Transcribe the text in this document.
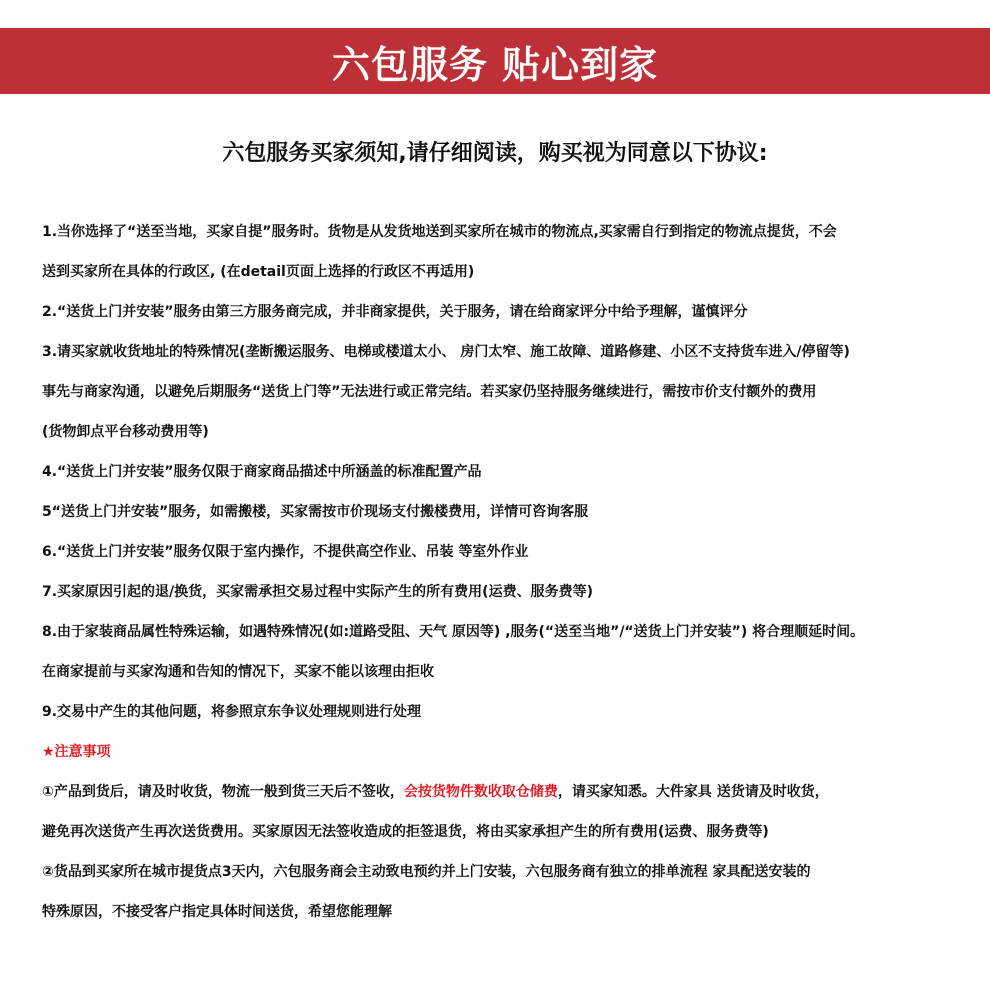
六包服务 贴心到家
六包服务买家须知,请仔细阅读，购买视为同意以下协议:
1.当你选择了“送至当地，买家自提”服务时。货物是从发货地送到买家所在城市的物流点,买家需自行到指定的物流点提货，不会
送到买家所在具体的行政区, (在detail页面上选择的行政区不再适用)
2.“送货上门并安装”服务由第三方服务商完成，并非商家提供，关于服务，请在给商家评分中给予理解，谨慎评分
3.请买家就收货地址的特殊情况(垄断搬运服务、电梯或楼道太小、 房门太窄、施工故障、道路修建、小区不支持货车进入/停留等)
事先与商家沟通，以避免后期服务“送货上门等”无法进行或正常完结。若买家仍坚持服务继续进行，需按市价支付额外的费用
(货物卸点平台移动费用等)
4.“送货上门并安装”服务仅限于商家商品描述中所涵盖的标准配置产品
5“送货上门并安装”服务，如需搬楼，买家需按市价现场支付搬楼费用，详情可咨询客服
6.“送货上门并安装”服务仅限于室内操作，不提供高空作业、吊装 等室外作业
7.买家原因引起的退/换货，买家需承担交易过程中实际产生的所有费用(运费、服务费等)
8.由于家装商品属性特殊运输，如遇特殊情况(如:道路受阻、天气 原因等) ,服务(“送至当地”/“送货上门并安装”) 将合理顺延时间。
在商家提前与买家沟通和告知的情况下，买家不能以该理由拒收
9.交易中产生的其他问题，将参照京东争议处理规则进行处理
★注意事项
①产品到货后，请及时收货，物流一般到货三天后不签收，会按货物件数收取仓储费，请买家知悉。大件家具 送货请及时收货，
避免再次送货产生再次送货费用。买家原因无法签收造成的拒签退货，将由买家承担产生的所有费用(运费、服务费等)
②货品到买家所在城市提货点3天内，六包服务商会主动致电预约并上门安装，六包服务商有独立的排单流程 家具配送安装的
特殊原因，不接受客户指定具体时间送货，希望您能理解
